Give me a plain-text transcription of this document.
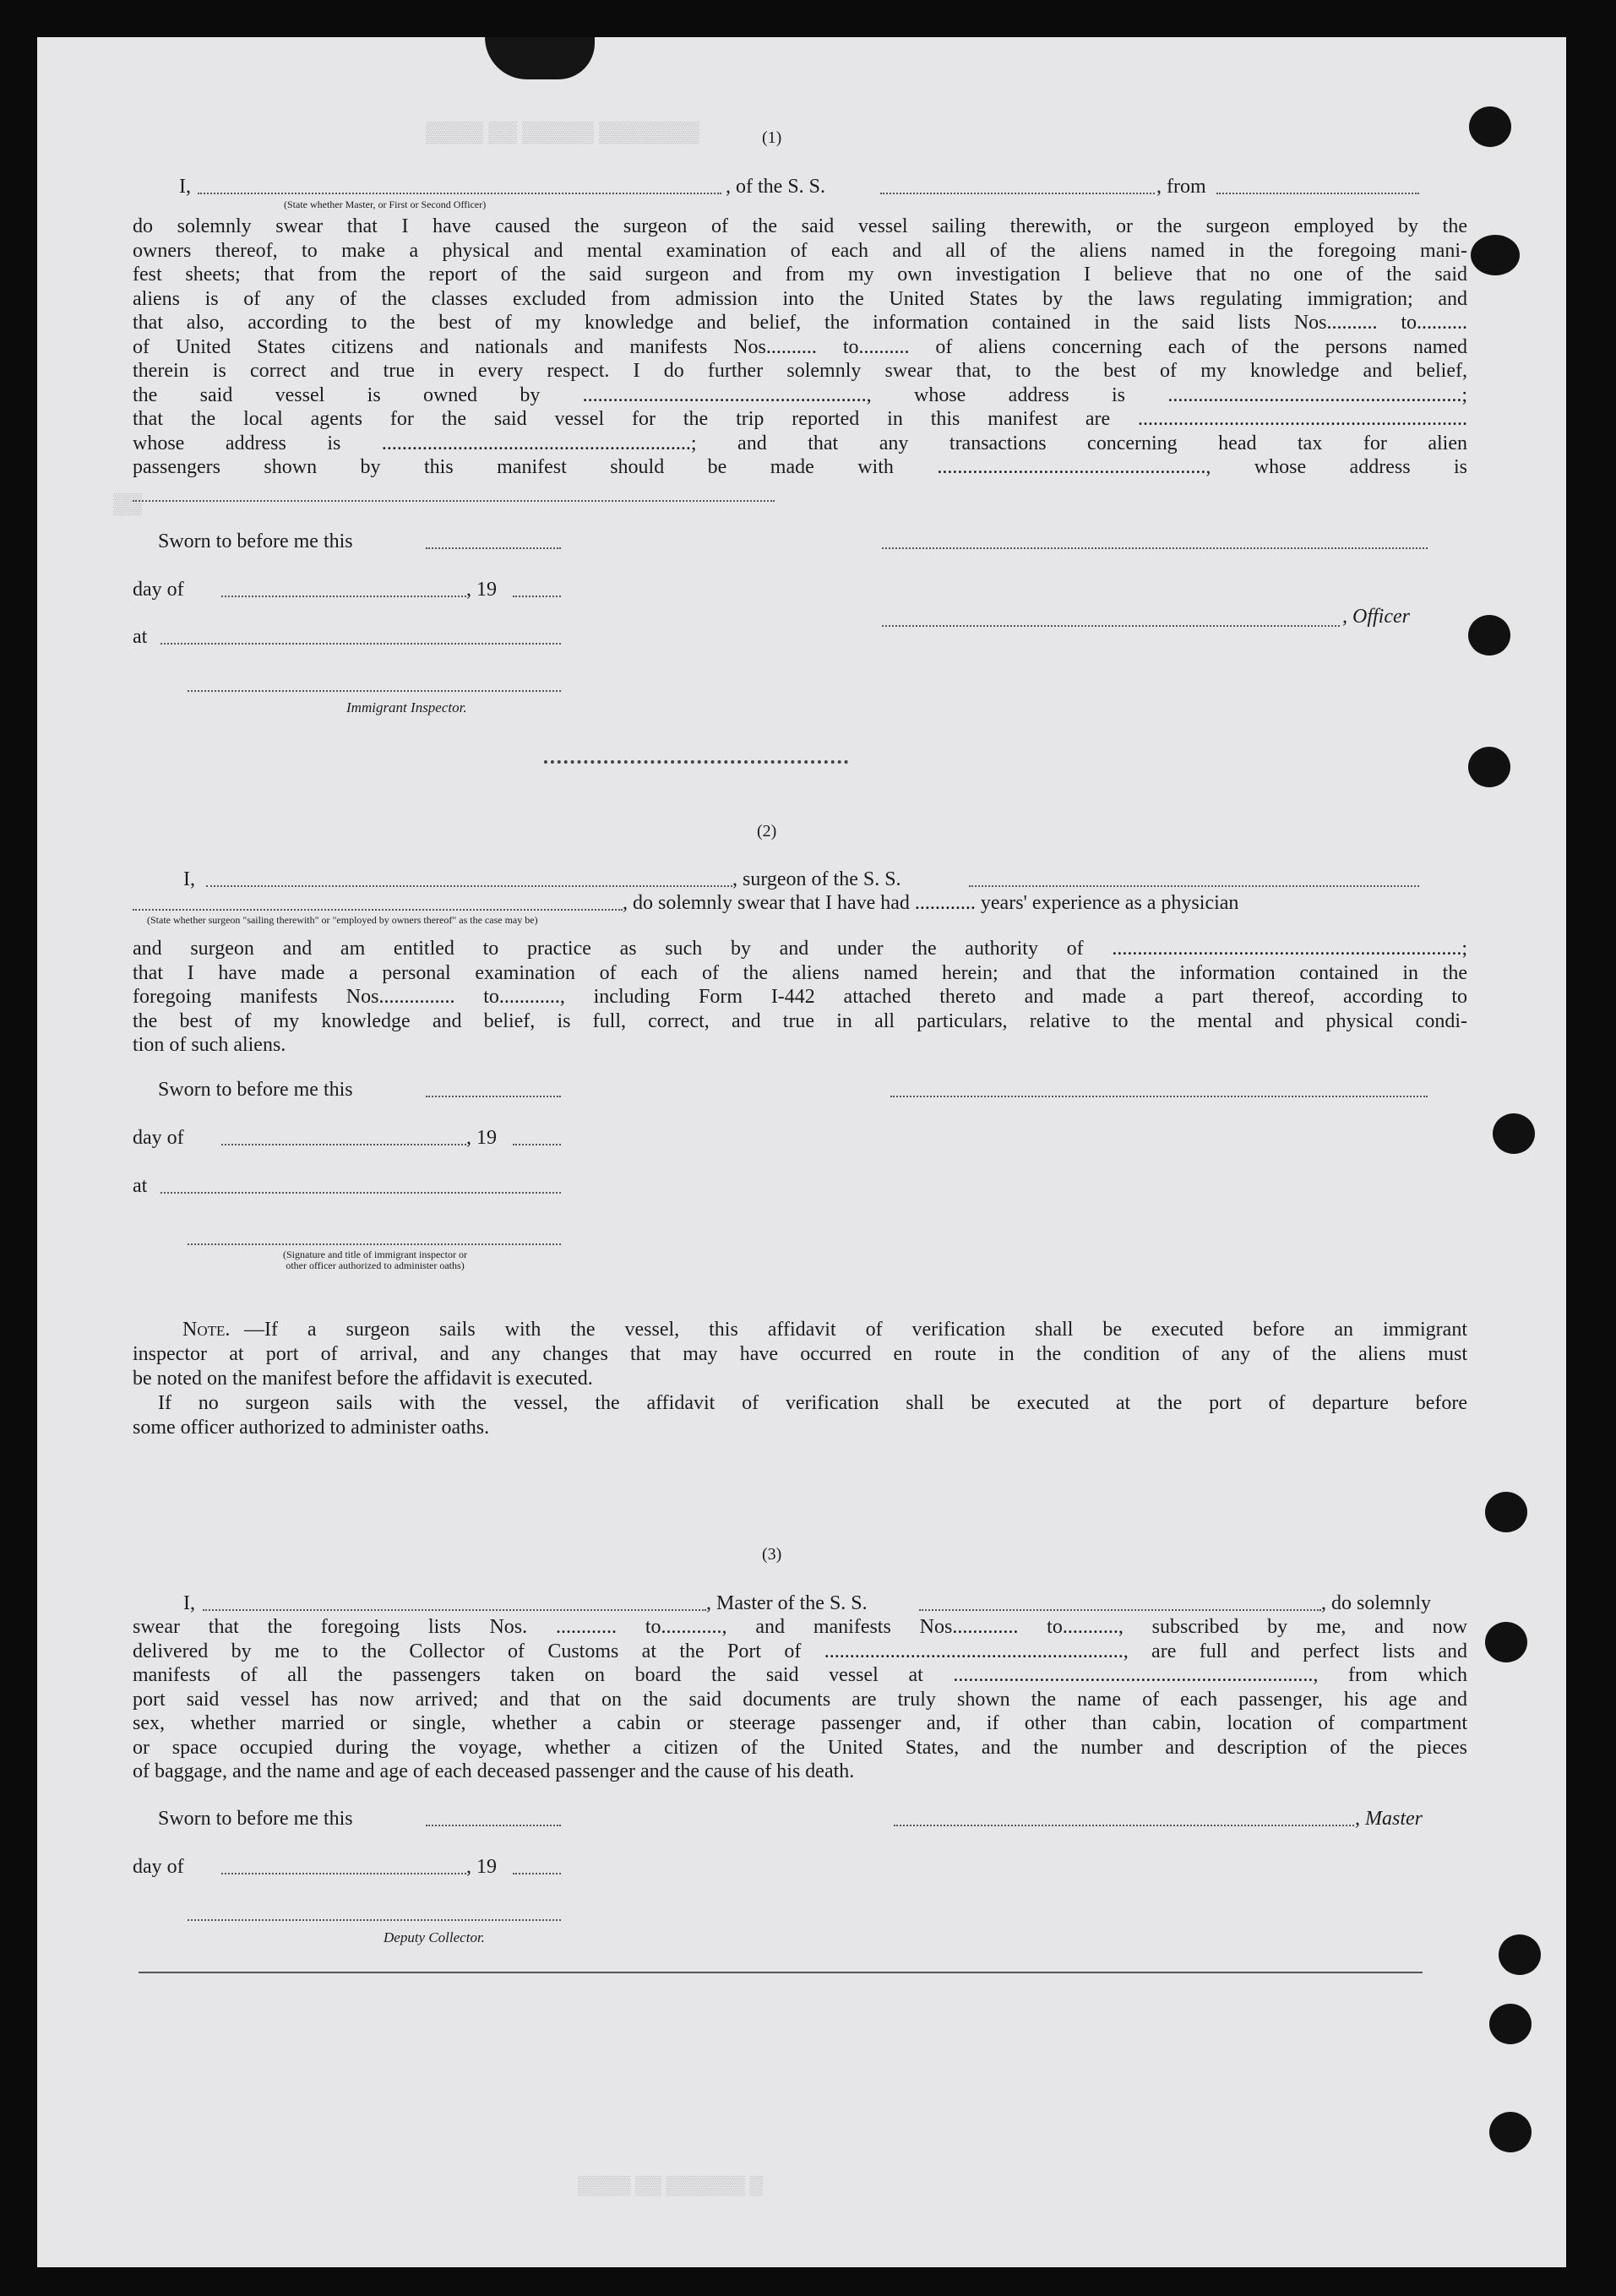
▒▒▒▒ ▒▒ ▒▒▒▒▒ ▒▒▒▒▒▒▒
▒▒
▒▒▒▒ ▒▒ ▒▒▒▒▒▒ ▒
(1)
I,	, of the S. S.	, from
(State whether Master, or First or Second Officer)
do solemnly swear that I have caused the surgeon of the said vessel sailing therewith, or the surgeon employed by the
owners thereof, to make a physical and mental examination of each and all of the aliens named in the foregoing mani-
fest sheets; that from the report of the said surgeon and from my own investigation I believe that no one of the said
aliens is of any of the classes excluded from admission into the United States by the laws regulating immigration; and
that also, according to the best of my knowledge and belief, the information contained in the said lists Nos.......... to..........
of United States citizens and nationals and manifests Nos.......... to.......... of aliens concerning each of the persons named
therein is correct and true in every respect. I do further solemnly swear that, to the best of my knowledge and belief,
the said vessel is owned by ........................................................, whose address is ..........................................................;
that the local agents for the said vessel for the trip reported in this manifest are .................................................................
whose address is .............................................................; and that any transactions concerning head tax for alien
passengers shown by this manifest should be made with ....................................................., whose address is
Sworn to before me this
day of	, 19
, Officer
at
Immigrant Inspector.
(2)
I,	, surgeon of the S. S.
, do solemnly swear that I have had ............ years' experience as a physician
(State whether surgeon "sailing therewith" or "employed by owners thereof" as the case may be)
and surgeon and am entitled to practice as such by and under the authority of .....................................................................;
that I have made a personal examination of each of the aliens named herein; and that the information contained in the
foregoing manifests Nos............... to............, including Form I-442 attached thereto and made a part thereof, according to
the best of my knowledge and belief, is full, correct, and true in all particulars, relative to the mental and physical condi-
tion of such aliens.
Sworn to before me this
day of	, 19
at
(Signature and title of immigrant inspector or
other officer authorized to administer oaths)
Note. —If a surgeon sails with the vessel, this affidavit of verification shall be executed before an immigrant
inspector at port of arrival, and any changes that may have occurred en route in the condition of any of the aliens must
be noted on the manifest before the affidavit is executed.
If no surgeon sails with the vessel, the affidavit of verification shall be executed at the port of departure before
some officer authorized to administer oaths.
(3)
I,	, Master of the S. S.	, do solemnly
swear that the foregoing lists Nos. ............ to............, and manifests Nos............. to..........., subscribed by me, and now
delivered by me to the Collector of Customs at the Port of ..........................................................., are full and perfect lists and
manifests of all the passengers taken on board the said vessel at ......................................................................., from which
port said vessel has now arrived; and that on the said documents are truly shown the name of each passenger, his age and
sex, whether married or single, whether a cabin or steerage passenger and, if other than cabin, location of compartment
or space occupied during the voyage, whether a citizen of the United States, and the number and description of the pieces
of baggage, and the name and age of each deceased passenger and the cause of his death.
Sworn to before me this	, Master
day of	, 19
Deputy Collector.
